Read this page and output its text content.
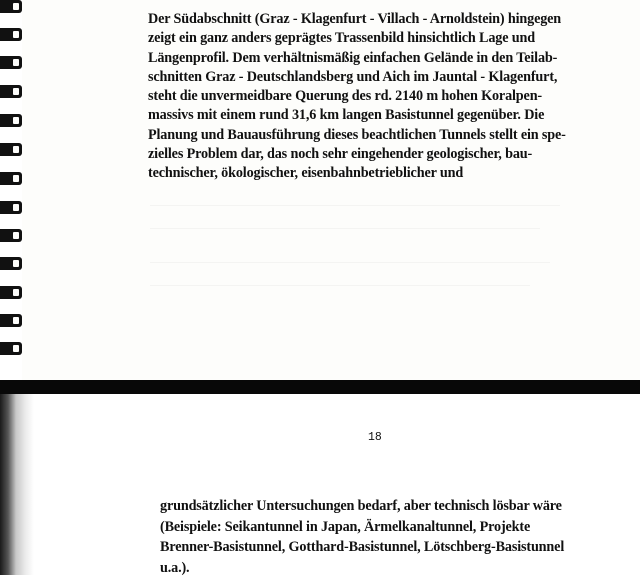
Der Südabschnitt (Graz - Klagenfurt - Villach - Arnoldstein) hingegen
zeigt ein ganz anders geprägtes Trassenbild hinsichtlich Lage und
Längenprofil. Dem verhältnismäßig einfachen Gelände in den Teilab-
schnitten Graz - Deutschlandsberg und Aich im Jauntal - Klagenfurt,
steht die unvermeidbare Querung des rd. 2140 m hohen Koralpen-
massivs mit einem rund 31,6 km langen Basistunnel gegenüber. Die
Planung und Bauausführung dieses beachtlichen Tunnels stellt ein spe-
zielles Problem dar, das noch sehr eingehender geologischer, bau-
technischer, ökologischer, eisenbahnbetrieblicher und
18
grundsätzlicher Untersuchungen bedarf, aber technisch lösbar wäre
(Beispiele: Seikantunnel in Japan, Ärmelkanaltunnel, Projekte
Brenner-Basistunnel, Gotthard-Basistunnel, Lötschberg-Basistunnel
u.a.).
